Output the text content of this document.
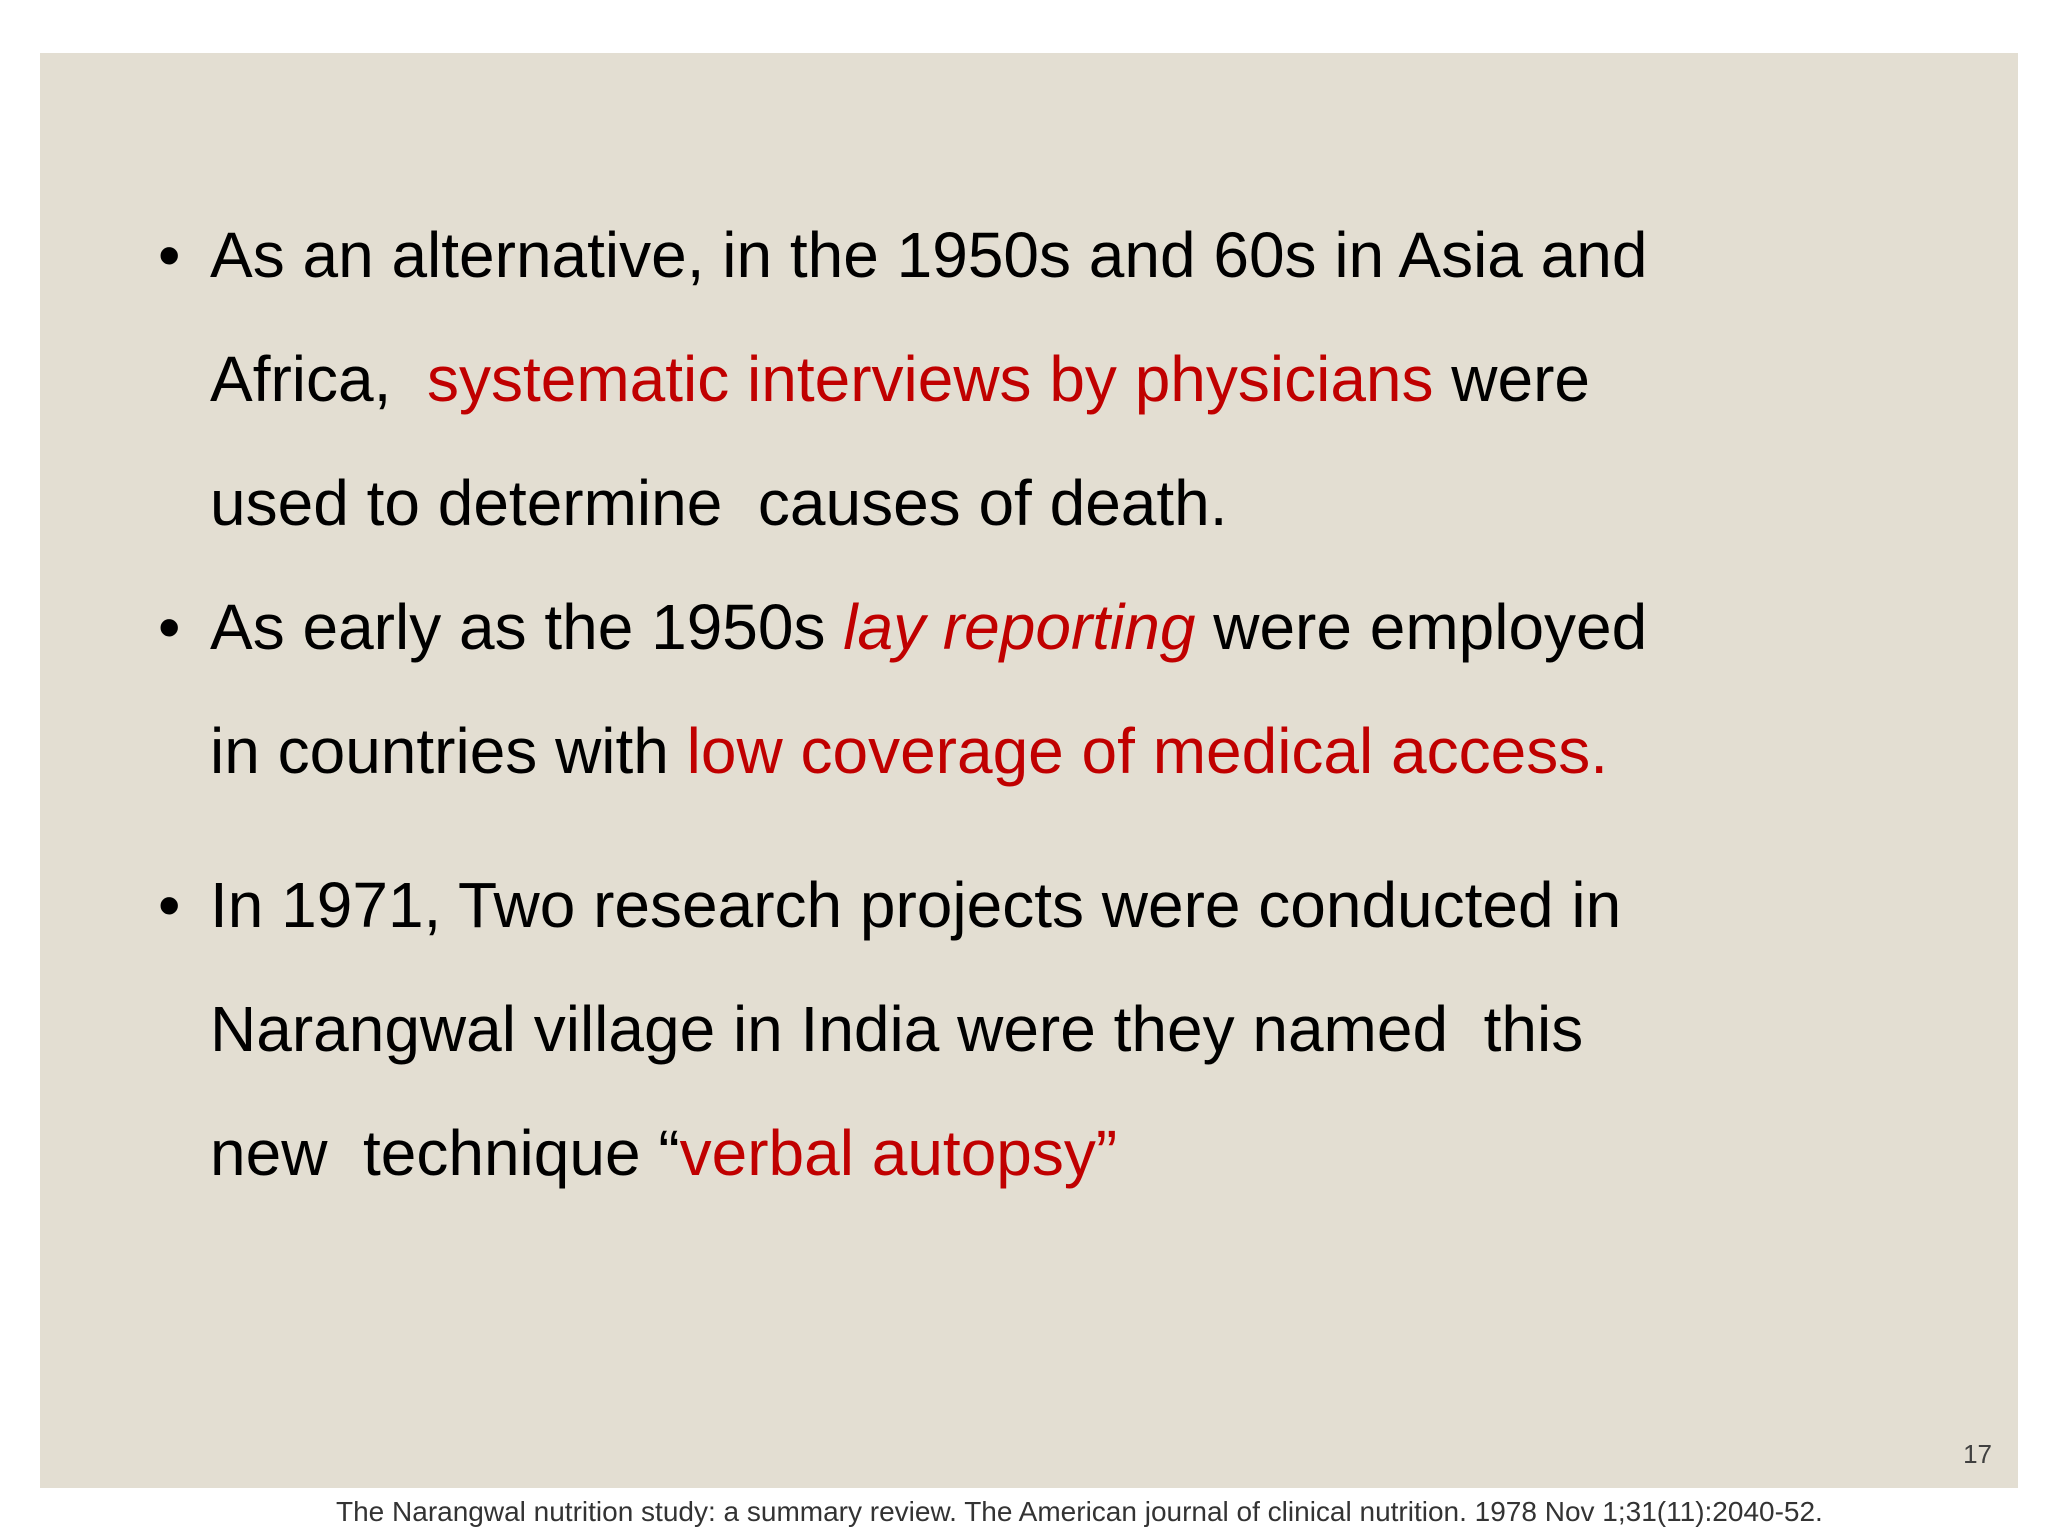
• As an alternative, in the 1950s and 60s in Asia and
Africa,  systematic interviews by physicians were
used to determine  causes of death.
• As early as the 1950s lay reporting were employed
in countries with low coverage of medical access.
• In 1971, Two research projects were conducted in
Narangwal village in India were they named  this
new  technique “verbal autopsy”
17
The Narangwal nutrition study: a summary review. The American journal of clinical nutrition. 1978 Nov 1;31(11):2040-52.
